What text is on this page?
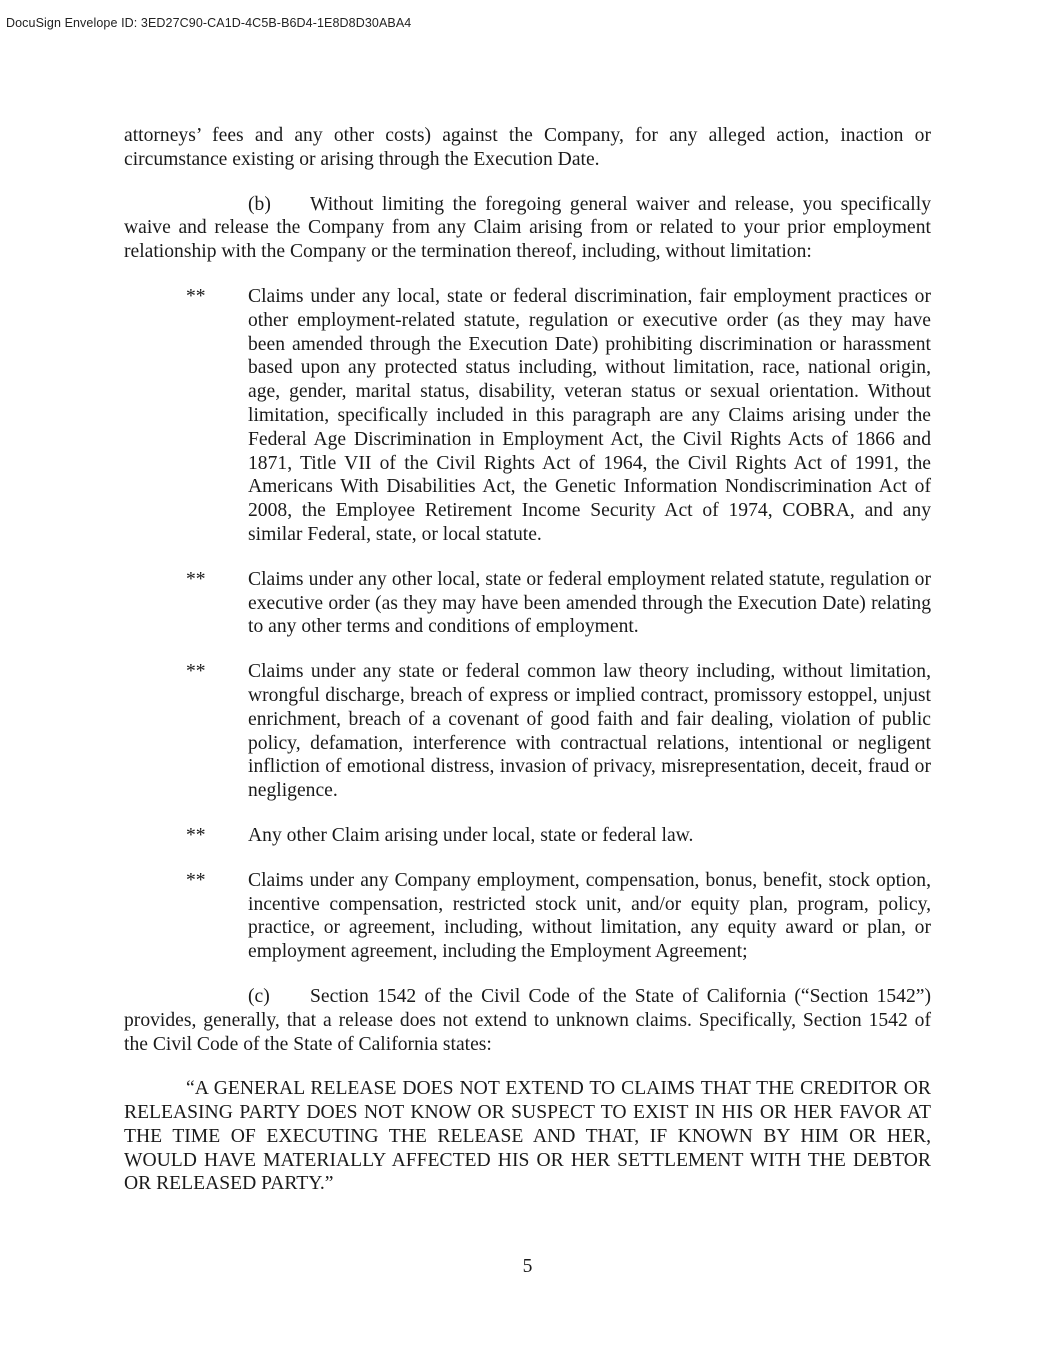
DocuSign Envelope ID: 3ED27C90-CA1D-4C5B-B6D4-1E8D8D30ABA4

attorneys’ fees and any other costs) against the Company, for any alleged action, inaction or circumstance existing or arising through the Execution Date.

(b) Without limiting the foregoing general waiver and release, you specifically waive and release the Company from any Claim arising from or related to your prior employment relationship with the Company or the termination thereof, including, without limitation:

**	Claims under any local, state or federal discrimination, fair employment practices or other employment-related statute, regulation or executive order (as they may have been amended through the Execution Date) prohibiting discrimination or harassment based upon any protected status including, without limitation, race, national origin, age, gender, marital status, disability, veteran status or sexual orientation. Without limitation, specifically included in this paragraph are any Claims arising under the Federal Age Discrimination in Employment Act, the Civil Rights Acts of 1866 and 1871, Title VII of the Civil Rights Act of 1964, the Civil Rights Act of 1991, the Americans With Disabilities Act, the Genetic Information Nondiscrimination Act of 2008, the Employee Retirement Income Security Act of 1974, COBRA, and any similar Federal, state, or local statute.
**	Claims under any other local, state or federal employment related statute, regulation or executive order (as they may have been amended through the Execution Date) relating to any other terms and conditions of employment.
**	Claims under any state or federal common law theory including, without limitation, wrongful discharge, breach of express or implied contract, promissory estoppel, unjust enrichment, breach of a covenant of good faith and fair dealing, violation of public policy, defamation, interference with contractual relations, intentional or negligent infliction of emotional distress, invasion of privacy, misrepresentation, deceit, fraud or negligence.
**	Any other Claim arising under local, state or federal law.
**	Claims under any Company employment, compensation, bonus, benefit, stock option, incentive compensation, restricted stock unit, and/or equity plan, program, policy, practice, or agreement, including, without limitation, any equity award or plan, or employment agreement, including the Employment Agreement;

(c) Section 1542 of the Civil Code of the State of California (“Section 1542”) provides, generally, that a release does not extend to unknown claims. Specifically, Section 1542 of the Civil Code of the State of California states:

“A GENERAL RELEASE DOES NOT EXTEND TO CLAIMS THAT THE CREDITOR OR RELEASING PARTY DOES NOT KNOW OR SUSPECT TO EXIST IN HIS OR HER FAVOR AT THE TIME OF EXECUTING THE RELEASE AND THAT, IF KNOWN BY HIM OR HER, WOULD HAVE MATERIALLY AFFECTED HIS OR HER SETTLEMENT WITH THE DEBTOR OR RELEASED PARTY.”

5
